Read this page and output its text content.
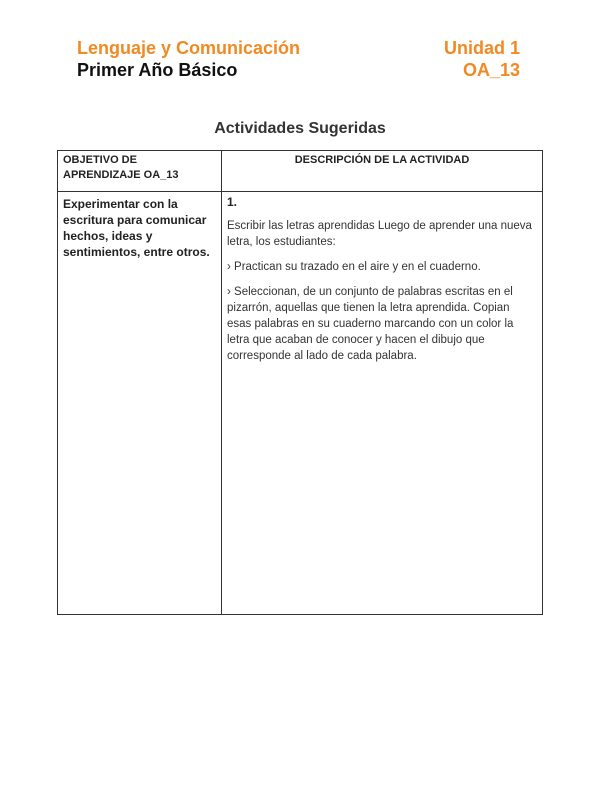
Lenguaje y Comunicación
Primer Año Básico
Unidad 1
OA_13
Actividades Sugeridas
OBJETIVO DE APRENDIZAJE OA_13	DESCRIPCIÓN DE LA ACTIVIDAD

Experimentar con la escritura para comunicar hechos, ideas y sentimientos, entre otros.	1.

Escribir las letras aprendidas Luego de aprender una nueva letra, los estudiantes:

› Practican su trazado en el aire y en el cuaderno.

› Seleccionan, de un conjunto de palabras escritas en el pizarrón, aquellas que tienen la letra aprendida. Copian esas palabras en su cuaderno marcando con un color la letra que acaban de conocer y hacen el dibujo que corresponde al lado de cada palabra.
